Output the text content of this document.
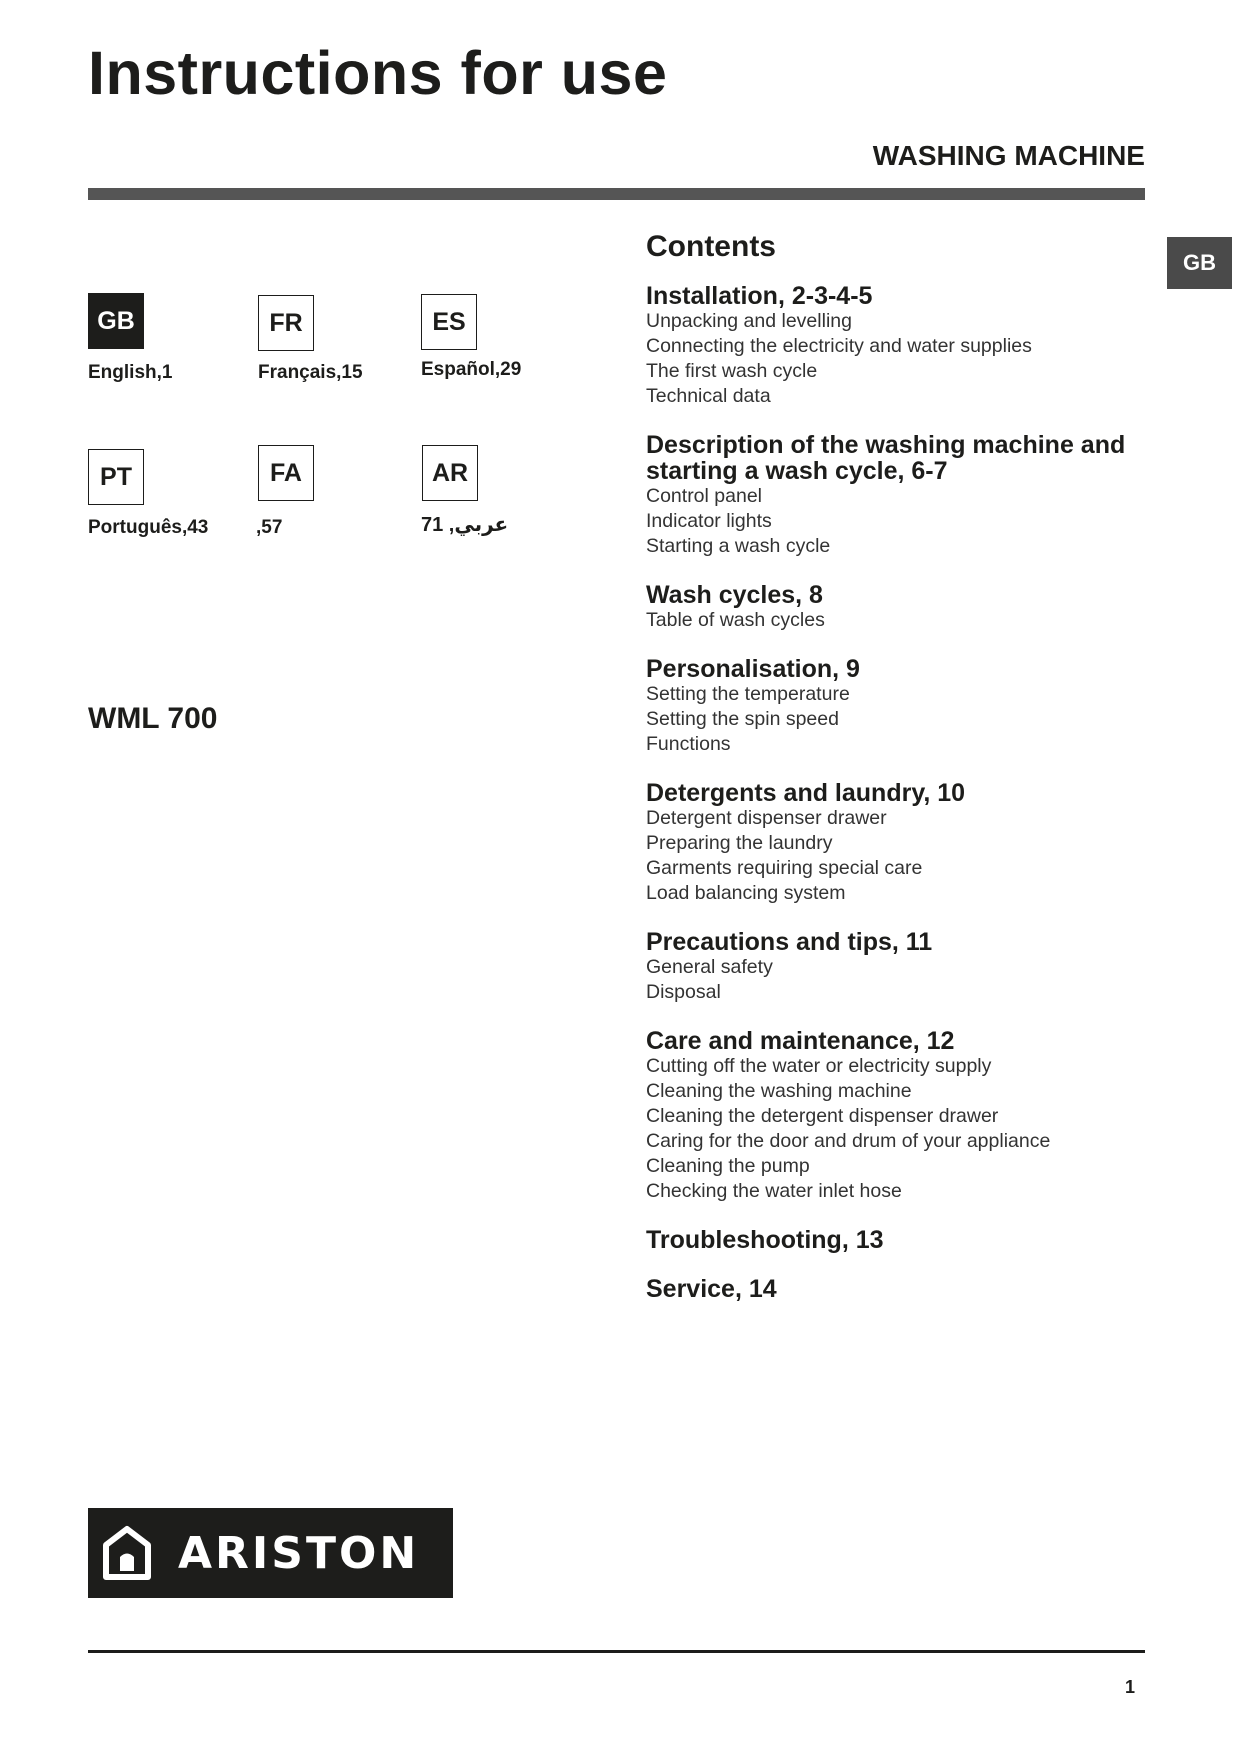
Instructions for use
WASHING MACHINE
GB
GB
English,1
FR
Français,15
ES
Español,29
PT
Português,43
FA
,57
AR
عربي, 71
WML 700
Contents
Installation, 2-3-4-5
Unpacking and levelling
Connecting the electricity and water supplies
The first wash cycle
Technical data
Description of the washing machine and starting a wash cycle, 6-7
Control panel
Indicator lights
Starting a wash cycle
Wash cycles, 8
Table of wash cycles
Personalisation, 9
Setting the temperature
Setting the spin speed
Functions
Detergents and laundry, 10
Detergent dispenser drawer
Preparing the laundry
Garments requiring special care
Load balancing system
Precautions and tips, 11
General safety
Disposal
Care and maintenance, 12
Cutting off the water or electricity supply
Cleaning the washing machine
Cleaning the detergent dispenser drawer
Caring for the door and drum of your appliance
Cleaning the pump
Checking the water inlet hose
Troubleshooting, 13
Service, 14
ARISTON
1
